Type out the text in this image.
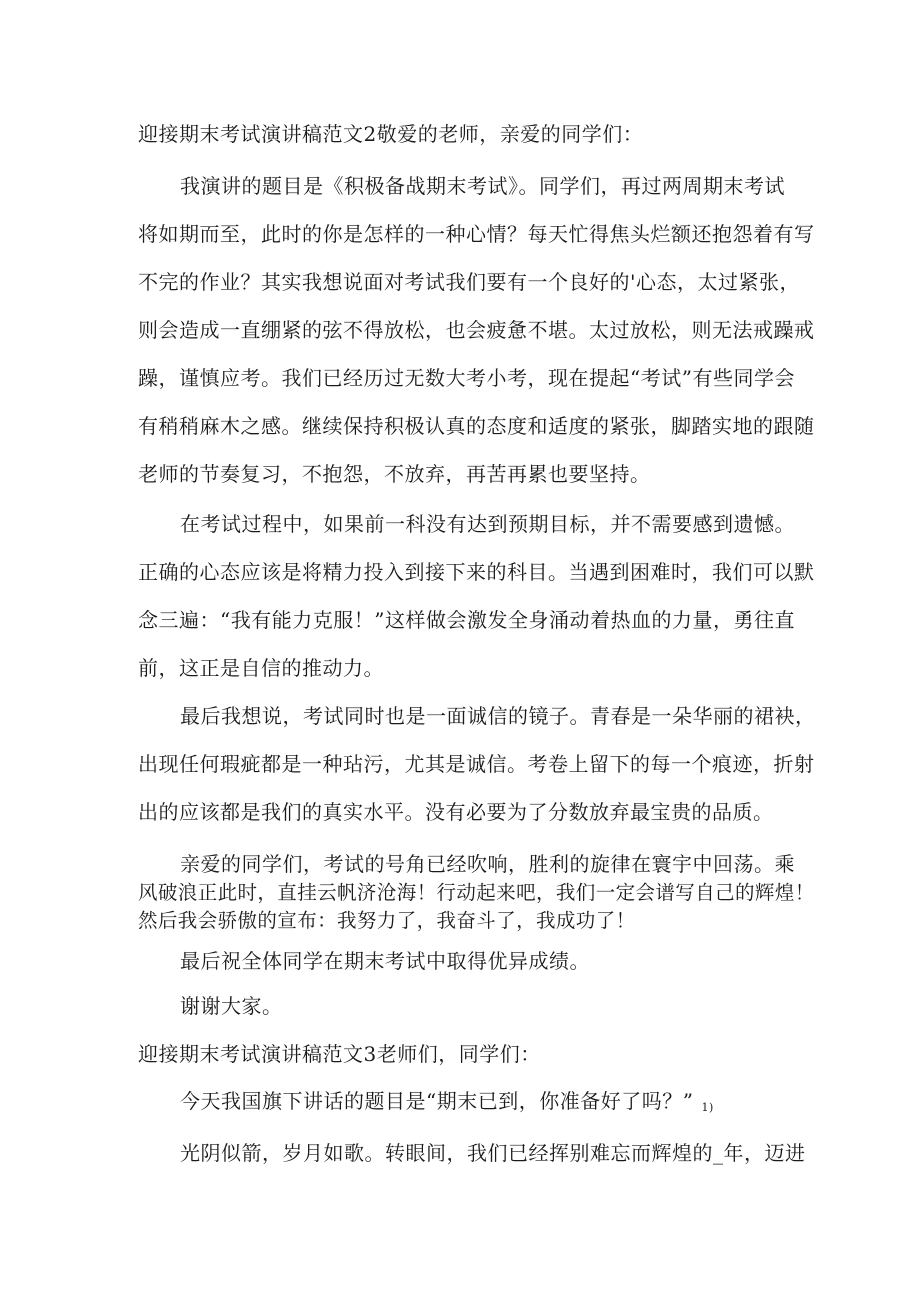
迎接期末考试演讲稿范文2敬爱的老师，亲爱的同学们：
我演讲的题目是《积极备战期末考试》。同学们，再过两周期末考试
将如期而至，此时的你是怎样的一种心情？每天忙得焦头烂额还抱怨着有写
不完的作业？其实我想说面对考试我们要有一个良好的'心态，太过紧张，
则会造成一直绷紧的弦不得放松，也会疲惫不堪。太过放松，则无法戒躁戒
躁，谨慎应考。我们已经历过无数大考小考，现在提起“考试”有些同学会
有稍稍麻木之感。继续保持积极认真的态度和适度的紧张，脚踏实地的跟随
老师的节奏复习，不抱怨，不放弃，再苦再累也要坚持。
在考试过程中，如果前一科没有达到预期目标，并不需要感到遗憾。
正确的心态应该是将精力投入到接下来的科目。当遇到困难时，我们可以默
念三遍：“我有能力克服！”这样做会激发全身涌动着热血的力量，勇往直
前，这正是自信的推动力。
最后我想说，考试同时也是一面诚信的镜子。青春是一朵华丽的裙袂，
出现任何瑕疵都是一种玷污，尤其是诚信。考卷上留下的每一个痕迹，折射
出的应该都是我们的真实水平。没有必要为了分数放弃最宝贵的品质。
亲爱的同学们，考试的号角已经吹响，胜利的旋律在寰宇中回荡。乘
风破浪正此时，直挂云帆济沧海！行动起来吧，我们一定会谱写自己的辉煌！
然后我会骄傲的宣布：我努力了，我奋斗了，我成功了！
最后祝全体同学在期末考试中取得优异成绩。
谢谢大家。
迎接期末考试演讲稿范文3老师们，同学们：
今天我国旗下讲话的题目是“期末已到，你准备好了吗？” 1)
光阴似箭，岁月如歌。转眼间，我们已经挥别难忘而辉煌的_年，迈进
